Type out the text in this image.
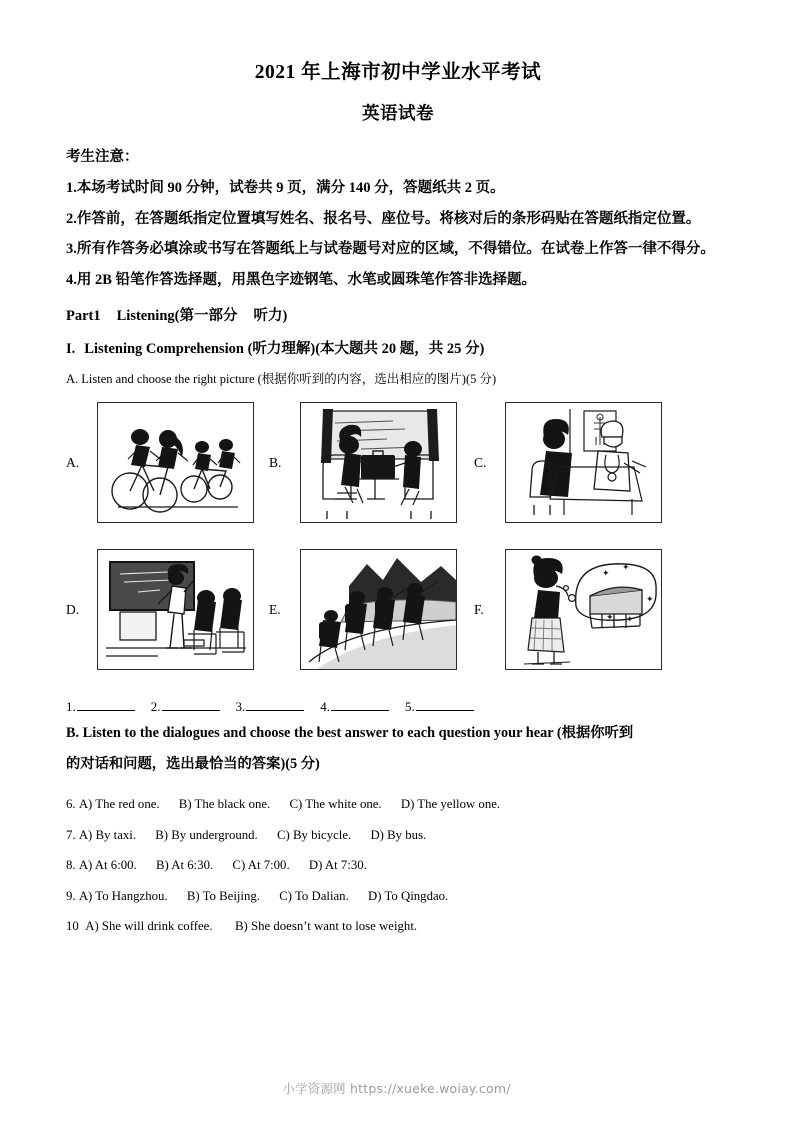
2021 年上海市初中学业水平考试
英语试卷

考生注意：

1.本场考试时间 90 分钟，试卷共 9 页，满分 140 分，答题纸共 2 页。

2.作答前，在答题纸指定位置填写姓名、报名号、座位号。将核对后的条形码贴在答题纸指定位置。

3.所有作答务必填涂或书写在答题纸上与试卷题号对应的区域，不得错位。在试卷上作答一律不得分。

4.用 2B 铅笔作答选择题，用黑色字迹钢笔、水笔或圆珠笔作答非选择题。

Part1 Listening(第一部分 听力)

I. Listening Comprehension (听力理解)(本大题共 20 题，共 25 分)

A. Listen and choose the right picture (根据你听到的内容，选出相应的图片)(5 分)

A.	B.	C.
D.	E.	F.
✦
✦
✦
✦ ✦

1.	2.	3.	4.	5.

B. Listen to the dialogues and choose the best answer to each question your hear (根据你听到

的对话和问题，选出最恰当的答案)(5 分)

6. A) The red one. B) The black one. C) The white one. D) The yellow one.

7. A) By taxi. B) By underground. C) By bicycle. D) By bus.

8. A) At 6:00. B) At 6:30. C) At 7:00. D) At 7:30.

9. A) To Hangzhou. B) To Beijing. C) To Dalian. D) To Qingdao.

10 A) She will drink coffee. B) She doesn’t want to lose weight.

小学资源网 https://xueke.woiay.com/
